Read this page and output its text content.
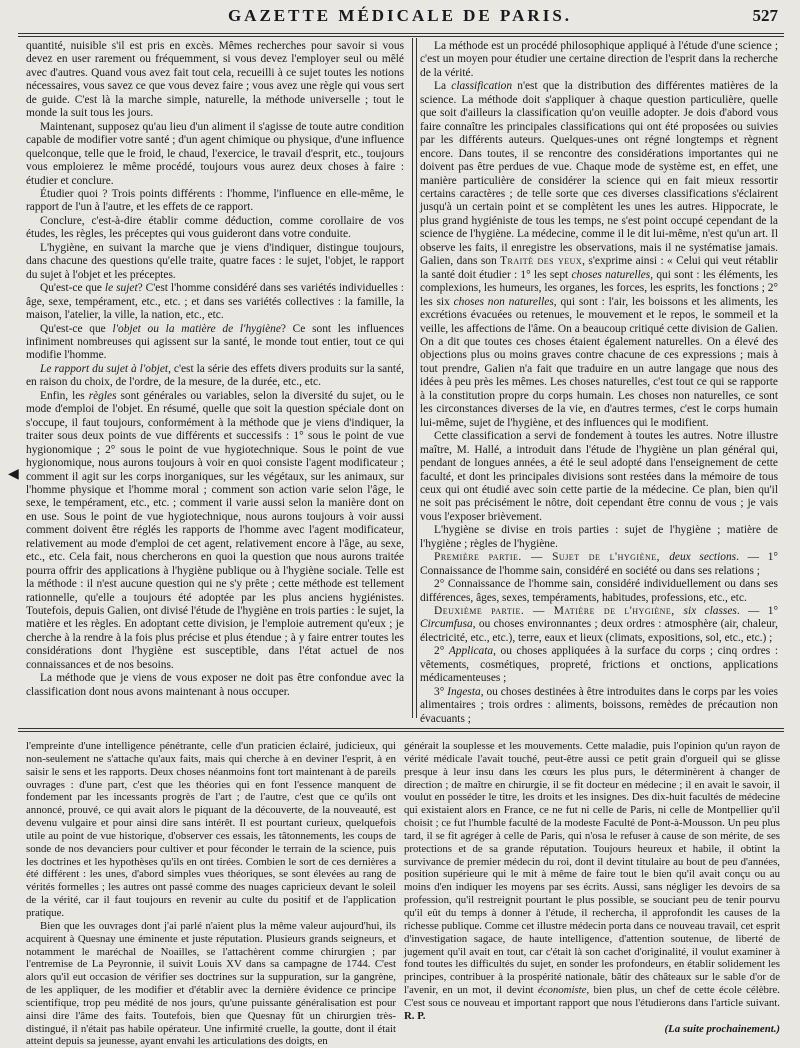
GAZETTE MÉDICALE DE PARIS.	527
◀

quantité, nuisible s'il est pris en excès. Mêmes recherches pour savoir si vous devez en user rarement ou fréquemment, si vous devez l'employer seul ou mêlé avec d'autres. Quand vous avez fait tout cela, recueilli à ce sujet toutes les notions nécessaires, vous savez ce que vous devez faire ; vous avez une règle qui vous sert de guide. C'est là la marche simple, naturelle, la méthode universelle ; tout le monde la suit tous les jours.

Maintenant, supposez qu'au lieu d'un aliment il s'agisse de toute autre condition capable de modifier votre santé ; d'un agent chimique ou physique, d'une influence quelconque, telle que le froid, le chaud, l'exercice, le travail d'esprit, etc., toujours vous emploierez le même procédé, toujours vous aurez deux choses à faire : étudier et conclure.

Étudier quoi ? Trois points différents : l'homme, l'influence en elle-même, le rapport de l'un à l'autre, et les effets de ce rapport.

Conclure, c'est-à-dire établir comme déduction, comme corollaire de vos études, les règles, les préceptes qui vous guideront dans votre conduite.

L'hygiène, en suivant la marche que je viens d'indiquer, distingue toujours, dans chacune des questions qu'elle traite, quatre faces : le sujet, l'objet, le rapport du sujet à l'objet et les préceptes.

Qu'est-ce que le sujet? C'est l'homme considéré dans ses variétés individuelles : âge, sexe, tempérament, etc., etc. ; et dans ses variétés collectives : la famille, la maison, l'atelier, la ville, la nation, etc., etc.

Qu'est-ce que l'objet ou la matière de l'hygiène? Ce sont les influences infiniment nombreuses qui agissent sur la santé, le monde tout entier, tout ce qui modifie l'homme.

Le rapport du sujet à l'objet, c'est la série des effets divers produits sur la santé, en raison du choix, de l'ordre, de la mesure, de la durée, etc., etc.

Enfin, les règles sont générales ou variables, selon la diversité du sujet, ou le mode d'emploi de l'objet. En résumé, quelle que soit la question spéciale dont on s'occupe, il faut toujours, conformément à la méthode que je viens d'indiquer, la traiter sous deux points de vue différents et successifs : 1° sous le point de vue hygionomique ; 2° sous le point de vue hygiotechnique. Sous le point de vue hygionomique, nous aurons toujours à voir en quoi consiste l'agent modificateur ; comment il agit sur les corps inorganiques, sur les végétaux, sur les animaux, sur l'homme physique et l'homme moral ; comment son action varie selon l'âge, le sexe, le tempérament, etc., etc. ; comment il varie aussi selon la manière dont on en use. Sous le point de vue hygiotechnique, nous aurons toujours à voir aussi comment doivent être réglés les rapports de l'homme avec l'agent modificateur, relativement au mode d'emploi de cet agent, relativement encore à l'âge, au sexe, etc., etc. Cela fait, nous chercherons en quoi la question que nous aurons traitée pourra offrir des applications à l'hygiène publique ou à l'hygiène sociale. Telle est la méthode : il n'est aucune question qui ne s'y prête ; cette méthode est tellement rationnelle, qu'elle a toujours été adoptée par les plus anciens hygiénistes. Toutefois, depuis Galien, ont divisé l'étude de l'hygiène en trois parties : le sujet, la matière et les règles. En adoptant cette division, je l'emploie autrement qu'eux ; je cherche à la rendre à la fois plus précise et plus étendue ; à y faire entrer toutes les considérations dont l'hygiène est susceptible, dans l'état actuel de nos connaissances et de nos besoins.

La méthode que je viens de vous exposer ne doit pas être confondue avec la classification dont nous avons maintenant à nous occuper.

La méthode est un procédé philosophique appliqué à l'étude d'une science ; c'est un moyen pour étudier une certaine direction de l'esprit dans la recherche de la vérité.

La classification n'est que la distribution des différentes matières de la science. La méthode doit s'appliquer à chaque question particulière, quelle que soit d'ailleurs la classification qu'on veuille adopter. Je dois d'abord vous faire connaître les principales classifications qui ont été proposées ou suivies par les différents auteurs. Quelques-unes ont régné longtemps et règnent encore. Dans toutes, il se rencontre des considérations importantes qui ne doivent pas être perdues de vue. Chaque mode de système est, en effet, une manière particulière de considérer la science qui en fait mieux ressortir certains caractères ; de telle sorte que ces diverses classifications s'éclairent jusqu'à un certain point et se complètent les unes les autres. Hippocrate, le plus grand hygiéniste de tous les temps, ne s'est point occupé cependant de la science de l'hygiène. La médecine, comme il le dit lui-même, n'est qu'un art. Il observe les faits, il enregistre les observations, mais il ne systématise jamais. Galien, dans son Traité des yeux, s'exprime ainsi : « Celui qui veut rétablir la santé doit étudier : 1° les sept choses naturelles, qui sont : les éléments, les complexions, les humeurs, les organes, les forces, les esprits, les fonctions ; 2° les six choses non naturelles, qui sont : l'air, les boissons et les aliments, les excrétions évacuées ou retenues, le mouvement et le repos, le sommeil et la veille, les affections de l'âme. On a beaucoup critiqué cette division de Galien. On a dit que toutes ces choses étaient également naturelles. On a élevé des objections plus ou moins graves contre chacune de ces expressions ; mais à tout prendre, Galien n'a fait que traduire en un autre langage que nous des idées à peu près les mêmes. Les choses naturelles, c'est tout ce qui se rapporte à la constitution propre du corps humain. Les choses non naturelles, ce sont les circonstances diverses de la vie, en d'autres termes, c'est le corps humain lui-même, sujet de l'hygiène, et des influences qui le modifient.

Cette classification a servi de fondement à toutes les autres. Notre illustre maître, M. Hallé, a introduit dans l'étude de l'hygiène un plan général qui, pendant de longues années, a été le seul adopté dans l'enseignement de cette faculté, et dont les principales divisions sont restées dans la mémoire de tous ceux qui ont étudié avec soin cette partie de la médecine. Ce plan, bien qu'il ne soit pas précisément le nôtre, doit cependant être connu de vous ; je vais vous l'exposer brièvement.

L'hygiène se divise en trois parties : sujet de l'hygiène ; matière de l'hygiène ; règles de l'hygiène.

Première partie. — Sujet de l'hygiène, deux sections. — 1° Connaissance de l'homme sain, considéré en société ou dans ses relations ;

2° Connaissance de l'homme sain, considéré individuellement ou dans ses différences, âges, sexes, tempéraments, habitudes, professions, etc., etc.

Deuxième partie. — Matière de l'hygiène, six classes. — 1° Circumfusa, ou choses environnantes ; deux ordres : atmosphère (air, chaleur, électricité, etc., etc.), terre, eaux et lieux (climats, expositions, sol, etc., etc.) ;

2° Applicata, ou choses appliquées à la surface du corps ; cinq ordres : vêtements, cosmétiques, propreté, frictions et onctions, applications médicamenteuses ;

3° Ingesta, ou choses destinées à être introduites dans le corps par les voies alimentaires ; trois ordres : aliments, boissons, remèdes de précaution non évacuants ;

l'empreinte d'une intelligence pénétrante, celle d'un praticien éclairé, judicieux, qui non-seulement ne s'attache qu'aux faits, mais qui cherche à en deviner l'esprit, à en saisir le sens et les rapports. Deux choses néanmoins font tort maintenant à de pareils ouvrages : d'une part, c'est que les théories qui en font l'essence manquent de fondement par les incessants progrès de l'art ; de l'autre, c'est que ce qu'ils ont annoncé, prouvé, ce qui avait alors le piquant de la découverte, de la nouveauté, est devenu vulgaire et pour ainsi dire sans intérêt. Il est pourtant curieux, quelquefois utile au point de vue historique, d'observer ces essais, les tâtonnements, les coups de sonde de nos devanciers pour cultiver et pour féconder le terrain de la science, puis les doctrines et les hypothèses qu'ils en ont tirées. Combien le sort de ces dernières a été différent : les unes, d'abord simples vues théoriques, se sont élevées au rang de vérités formelles ; les autres ont passé comme des nuages capricieux devant le soleil de la vérité, car il faut toujours en revenir au culte du positif et de l'application pratique.

Bien que les ouvrages dont j'ai parlé n'aient plus la même valeur aujourd'hui, ils acquirent à Quesnay une éminente et juste réputation. Plusieurs grands seigneurs, et notamment le maréchal de Noailles, se l'attachèrent comme chirurgien ; par l'entremise de La Peyronnie, il suivit Louis XV dans sa campagne de 1744. C'est alors qu'il eut occasion de vérifier ses doctrines sur la suppuration, sur la gangrène, de les appliquer, de les modifier et d'établir avec la dernière évidence ce principe scientifique, trop peu médité de nos jours, qu'une puissante généralisation est pour ainsi dire l'âme des faits. Toutefois, bien que Quesnay fût un chirurgien très-distingué, il n'était pas habile opérateur. Une infirmité cruelle, la goutte, dont il était atteint depuis sa jeunesse, ayant envahi les articulations des doigts, en

générait la souplesse et les mouvements. Cette maladie, puis l'opinion qu'un rayon de vérité médicale l'avait touché, peut-être aussi ce petit grain d'orgueil qui se glisse presque à leur insu dans les cœurs les plus purs, le déterminèrent à changer de direction ; de maître en chirurgie, il se fit docteur en médecine ; il en avait le savoir, il voulut en posséder le titre, les droits et les insignes. Des dix-huit facultés de médecine qui existaient alors en France, ce ne fut ni celle de Paris, ni celle de Montpellier qu'il choisit ; ce fut l'humble faculté de la modeste Faculté de Pont-à-Mousson. Un peu plus tard, il se fit agréger à celle de Paris, qui n'osa le refuser à cause de son mérite, de ses protections et de sa grande réputation. Toujours heureux et habile, il obtint la survivance de premier médecin du roi, dont il devint titulaire au bout de peu d'années, position supérieure qui le mit à même de faire tout le bien qu'il avait conçu ou au moins d'en indiquer les moyens par ses écrits. Aussi, sans négliger les devoirs de sa profession, qu'il restreignit pourtant le plus possible, se souciant peu de tenir pourvu qu'il eût du temps à donner à l'étude, il rechercha, il approfondit les causes de la richesse publique. Comme cet illustre médecin porta dans ce nouveau travail, cet esprit d'investigation sagace, de haute intelligence, d'attention soutenue, de liberté de jugement qu'il avait en tout, car c'était là son cachet d'originalité, il voulut examiner à fond toutes les difficultés du sujet, en sonder les profondeurs, en établir solidement les principes, contribuer à la prospérité nationale, bâtir des châteaux sur le sable d'or de l'avenir, en un mot, il devint économiste, bien plus, un chef de cette école célèbre. C'est sous ce nouveau et important rapport que nous l'étudierons dans l'article suivant. R. P.

(La suite prochainement.)
